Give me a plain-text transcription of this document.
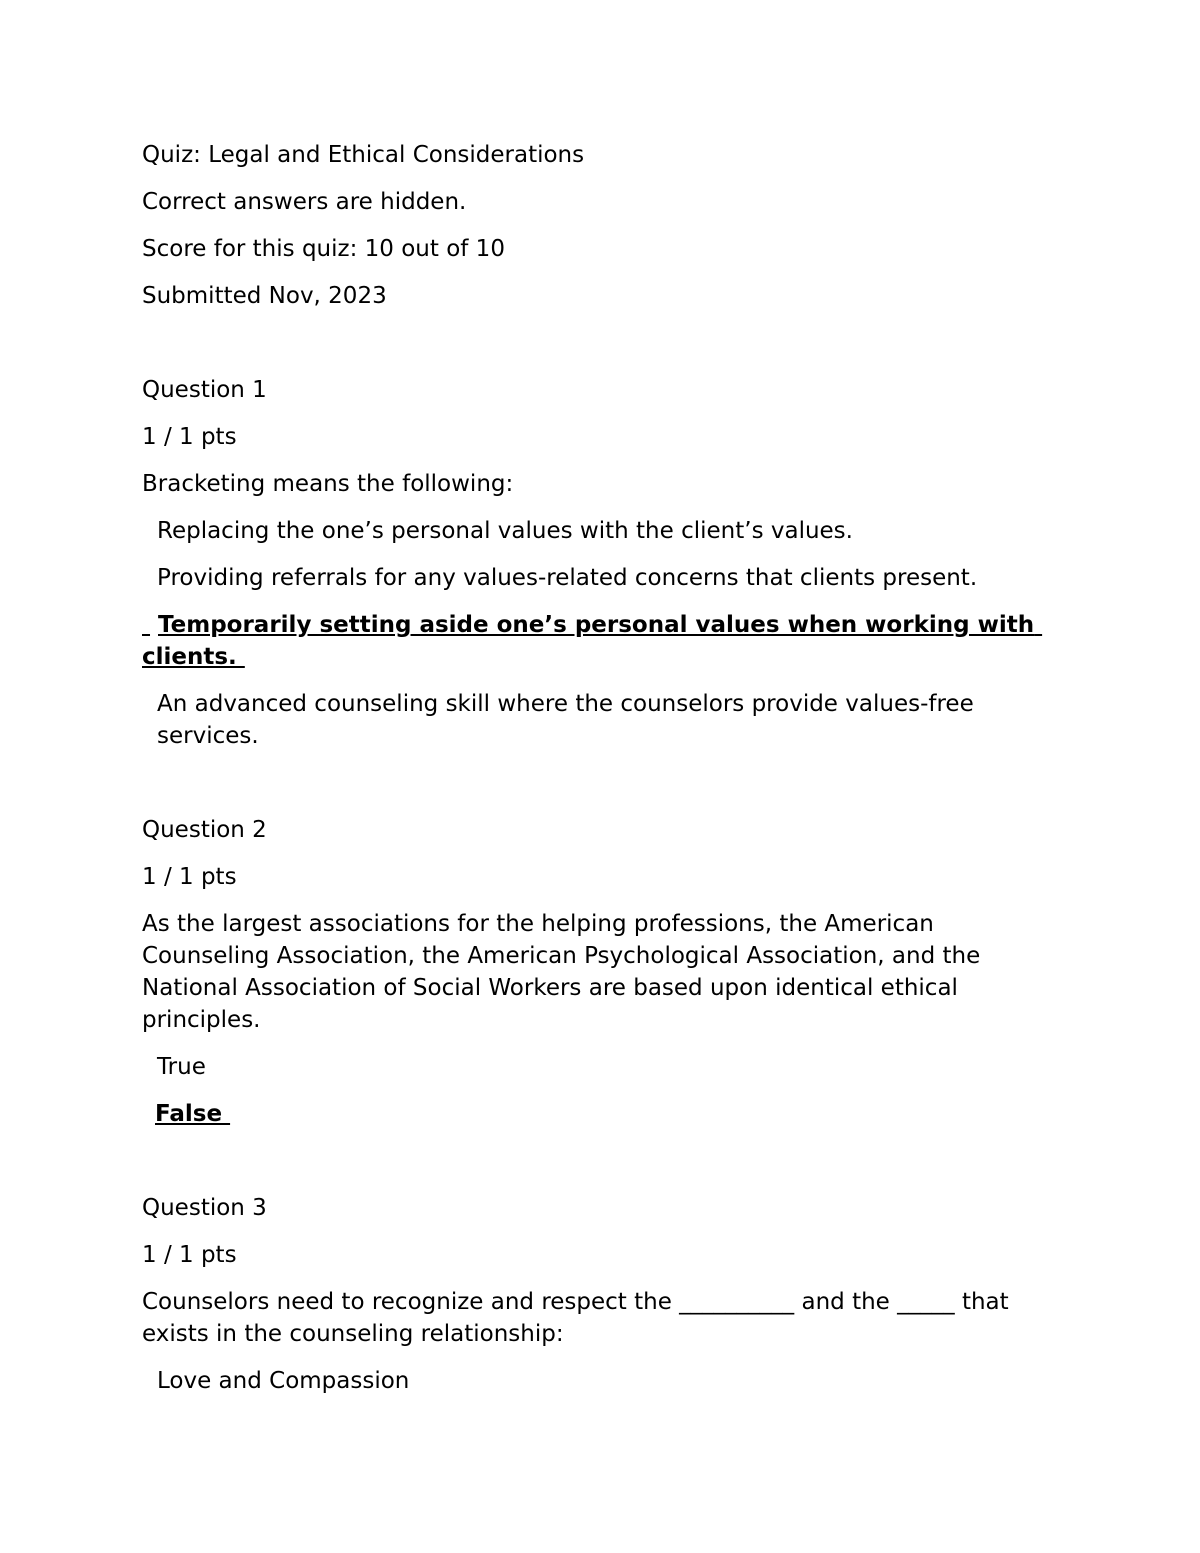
Quiz: Legal and Ethical Considerations
Correct answers are hidden.
Score for this quiz: 10 out of 10
Submitted Nov, 2023
Question 1
1 / 1 pts
Bracketing means the following:
Replacing the one’s personal values with the client’s values.
Providing referrals for any values-related concerns that clients present.
Temporarily setting aside one’s personal values when working with clients.
An advanced counseling skill where the counselors provide values-free services.
Question 2
1 / 1 pts
As the largest associations for the helping professions, the American Counseling Association, the American Psychological Association, and the National Association of Social Workers are based upon identical ethical principles.
True
False
Question 3
1 / 1 pts
Counselors need to recognize and respect the __________ and the _____ that exists in the counseling relationship:
Love and Compassion
